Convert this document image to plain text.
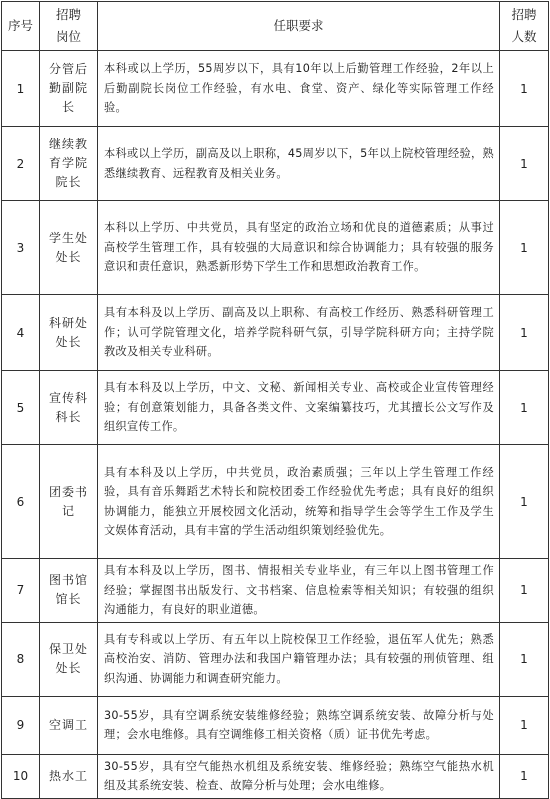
序号	招聘岗位	任职要求	招聘人数
1	分管后勤副院长	本科或以上学历，55周岁以下，具有10年以上后勤管理工作经验，2年以上后勤副院长岗位工作经验，有水电、食堂、资产、绿化等实际管理工作经验。	1
2	继续教育学院院长	本科或以上学历，副高及以上职称，45周岁以下，5年以上院校管理经验，熟悉继续教育、远程教育及相关业务。	1
3	学生处处长	本科以上学历、中共党员，具有坚定的政治立场和优良的道德素质；从事过高校学生管理工作，具有较强的大局意识和综合协调能力；具有较强的服务意识和责任意识，熟悉新形势下学生工作和思想政治教育工作。	1
4	科研处处长	具有本科及以上学历、副高及以上职称、有高校工作经历、熟悉科研管理工作；认可学院管理文化，培养学院科研气氛，引导学院科研方向；主持学院教改及相关专业科研。	1
5	宣传科科长	具有本科及以上学历，中文、文秘、新闻相关专业、高校或企业宣传管理经验；有创意策划能力，具备各类文件、文案编纂技巧，尤其擅长公文写作及组织宣传工作。	1
6	团委书记	具有本科及以上学历，中共党员，政治素质强；三年以上学生管理工作经验，具有音乐舞蹈艺术特长和院校团委工作经验优先考虑；具有良好的组织协调能力，能独立开展校园文化活动，统筹和指导学生会等学生工作及学生文娱体育活动，具有丰富的学生活动组织策划经验优先。	1
7	图书馆馆长	具有本科及以上学历，图书、情报相关专业毕业，有三年以上图书管理工作经验；掌握图书出版发行、文书档案、信息检索等相关知识；有较强的组织沟通能力，有良好的职业道德。	1
8	保卫处处长	具有专科或以上学历、有五年以上院校保卫工作经验，退伍军人优先；熟悉高校治安、消防、管理办法和我国户籍管理办法；具有较强的刑侦管理、组织沟通、协调能力和调查研究能力。	1
9	空调工	30-55岁，具有空调系统安装维修经验；熟练空调系统安装、故障分析与处理；会水电维修。具有空调维修工相关资格（质）证书优先考虑。	1
10	热水工	30-55岁，具有空气能热水机组及系统安装、维修经验；熟练空气能热水机组及其系统安装、检查、故障分析与处理；会水电维修。	1
